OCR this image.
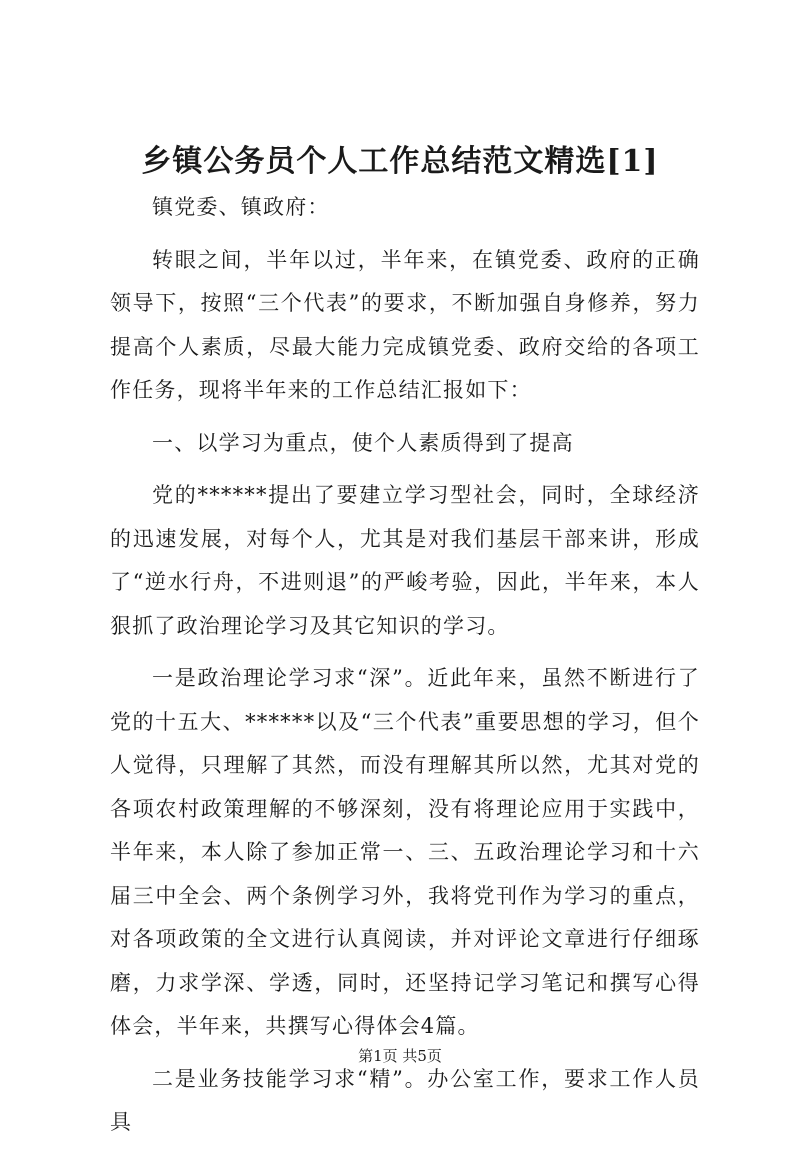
乡镇公务员个人工作总结范文精选[1]

镇党委、镇政府：

转眼之间，半年以过，半年来，在镇党委、政府的正确领导下，按照“三个代表”的要求，不断加强自身修养，努力提高个人素质，尽最大能力完成镇党委、政府交给的各项工作任务，现将半年来的工作总结汇报如下：

一、以学习为重点，使个人素质得到了提高

党的******提出了要建立学习型社会，同时，全球经济的迅速发展，对每个人，尤其是对我们基层干部来讲，形成了“逆水行舟，不进则退”的严峻考验，因此，半年来，本人狠抓了政治理论学习及其它知识的学习。

一是政治理论学习求“深”。近此年来，虽然不断进行了党的十五大、******以及“三个代表”重要思想的学习，但个人觉得，只理解了其然，而没有理解其所以然，尤其对党的各项农村政策理解的不够深刻，没有将理论应用于实践中，半年来，本人除了参加正常一、三、五政治理论学习和十六届三中全会、两个条例学习外，我将党刊作为学习的重点，对各项政策的全文进行认真阅读，并对评论文章进行仔细琢磨，力求学深、学透，同时，还坚持记学习笔记和撰写心得体会，半年来，共撰写心得体会4篇。

二是业务技能学习求“精”。办公室工作，要求工作人员具

第1页 共5页
